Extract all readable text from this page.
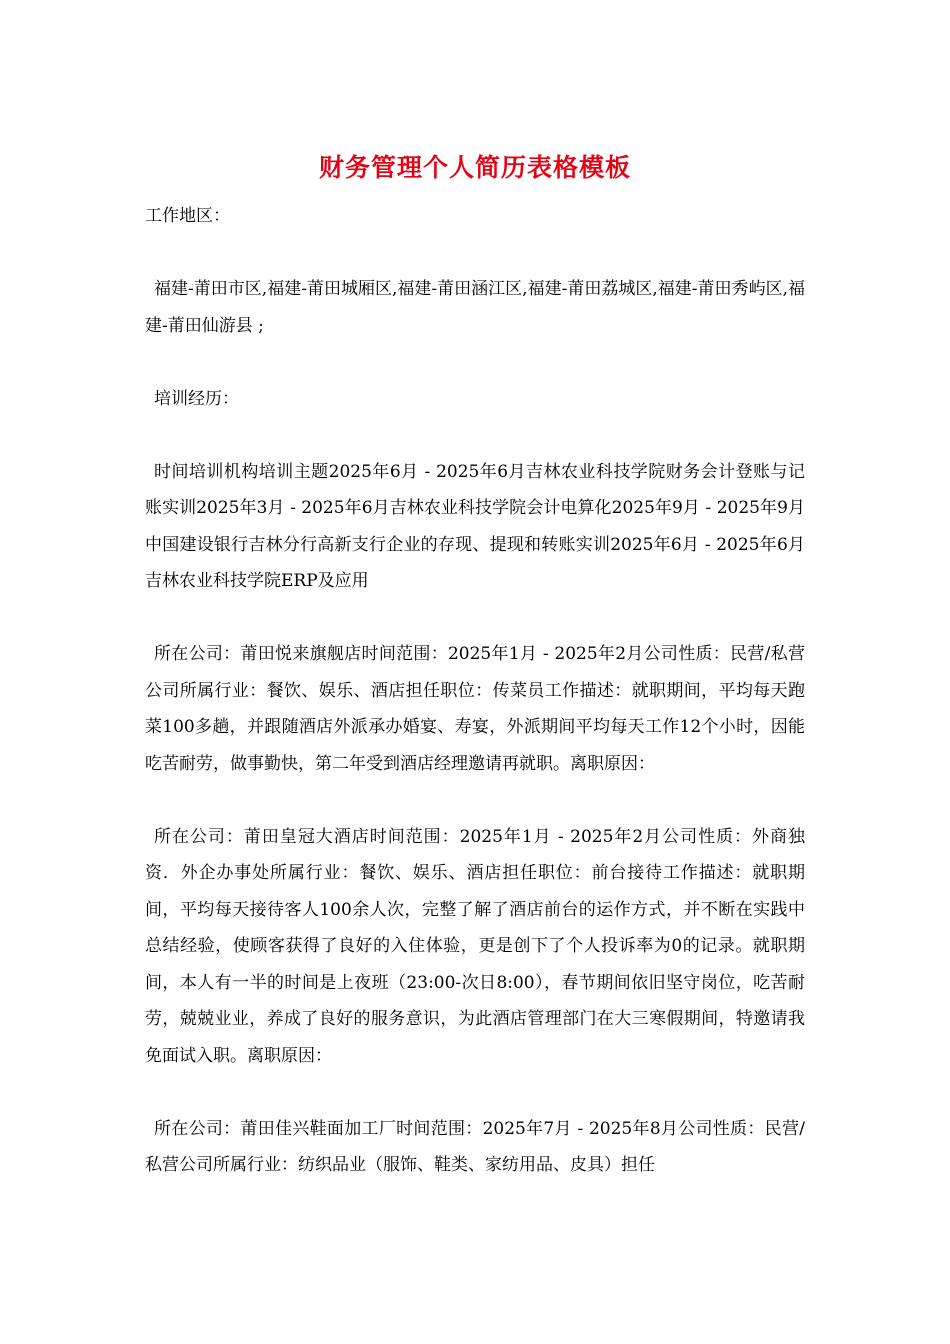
财务管理个人简历表格模板

工作地区：

福建-莆田市区,福建-莆田城厢区,福建-莆田涵江区,福建-莆田荔城区,福建-莆田秀屿区,福建-莆田仙游县 ;

培训经历：

时间培训机构培训主题2025年6月 - 2025年6月吉林农业科技学院财务会计登账与记账实训2025年3月 - 2025年6月吉林农业科技学院会计电算化2025年9月 - 2025年9月中国建设银行吉林分行高新支行企业的存现、提现和转账实训2025年6月 - 2025年6月吉林农业科技学院ERP及应用

所在公司：莆田悦来旗舰店时间范围：2025年1月 - 2025年2月公司性质：民营/私营公司所属行业：餐饮、娱乐、酒店担任职位：传菜员工作描述：就职期间，平均每天跑菜100多趟，并跟随酒店外派承办婚宴、寿宴，外派期间平均每天工作12个小时，因能吃苦耐劳，做事勤快，第二年受到酒店经理邀请再就职。离职原因：

所在公司：莆田皇冠大酒店时间范围：2025年1月 - 2025年2月公司性质：外商独资．外企办事处所属行业：餐饮、娱乐、酒店担任职位：前台接待工作描述：就职期间，平均每天接待客人100余人次，完整了解了酒店前台的运作方式，并不断在实践中总结经验，使顾客获得了良好的入住体验，更是创下了个人投诉率为0的记录。就职期间，本人有一半的时间是上夜班（23:00-次日8:00），春节期间依旧坚守岗位，吃苦耐劳，兢兢业业，养成了良好的服务意识，为此酒店管理部门在大三寒假期间，特邀请我免面试入职。离职原因：

所在公司：莆田佳兴鞋面加工厂时间范围：2025年7月 - 2025年8月公司性质：民营/私营公司所属行业：纺织品业（服饰、鞋类、家纺用品、皮具）担任
